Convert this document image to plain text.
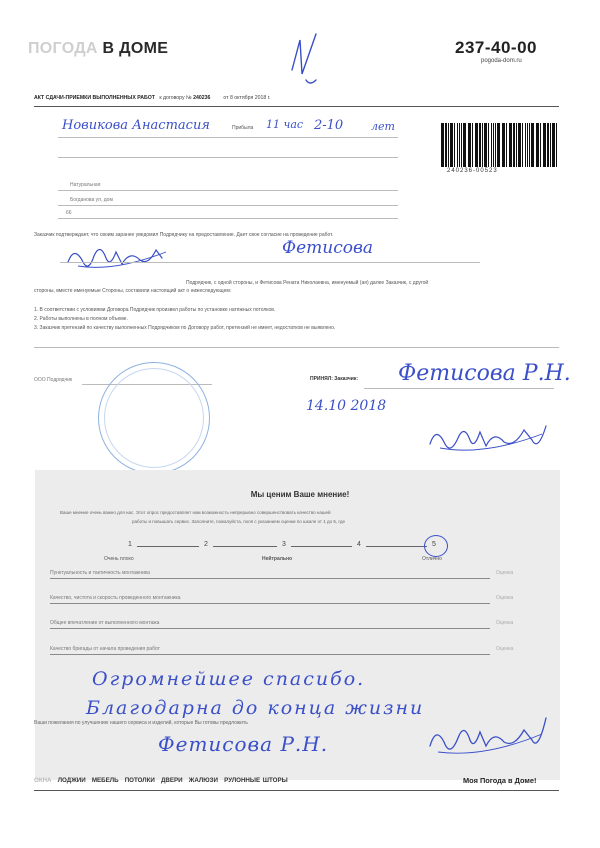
ПОГОДА В ДОМЕ	237-40-00
pogoda-dom.ru
АКТ СДАЧИ-ПРИЕМКИ ВЫПОЛНЕННЫХ РАБОТ к договору № 240236 от 8 октября 2018 г.
Новикова Анастасия	Прибыла 11 час 2-10	лет
240236-00523
Натуральная
Богданова ул, дом
66
Заказчик подтверждает, что своим заранее уведомил Подрядчику на предоставление. Дает свое согласие на проведение работ.
Фетисова
Подрядчик, с одной стороны, и Фетисова Рената Николаевна, именуемый (ая) далее Заказчик, с другой
стороны, вместе именуемые Стороны, составили настоящий акт о нижеследующем:
1. В соответствии с условиями Договора Подрядчик произвел работы по установке натяжных потолков.
2. Работы выполнены в полном объеме.
3. Заказчик претензий по качеству выполненных Подрядчиком по Договору работ, претензий не имеет, недостатков не выявлено.
ООО Подрядчик	ПРИНЯЛ: Заказчик: Фетисова Р.Н.
14.10 2018
Мы ценим Ваше мнение!
Ваше мнение очень важно для нас. Этот опрос предоставляет нам возможность непрерывно совершенствовать качество нашей
работы и повышать сервис. Заполните, пожалуйста, поля с указанием оценки по шкале от 1 до 5, где
1	2	3	4	5
Очень плохо	Нейтрально	Отлично
Пунктуальность и тактичность монтажника	Оценка
Качество, чистота и скорость проведенного монтажника	Оценка
Общее впечатление от выполненного монтажа	Оценка
Качество бригады от начала проведения работ	Оценка
Ваши пожелания по улучшению нашего сервиса и изделий, которые Вы готовы предложить
Огромнейшее спасибо.
Благодарна до конца жизни
Фетисова Р.Н.
ОКНА  ЛОДЖИИ  МЕБЕЛЬ  ПОТОЛКИ  ДВЕРИ  ЖАЛЮЗИ  РУЛОННЫЕ ШТОРЫ	Моя Погода в Доме!
